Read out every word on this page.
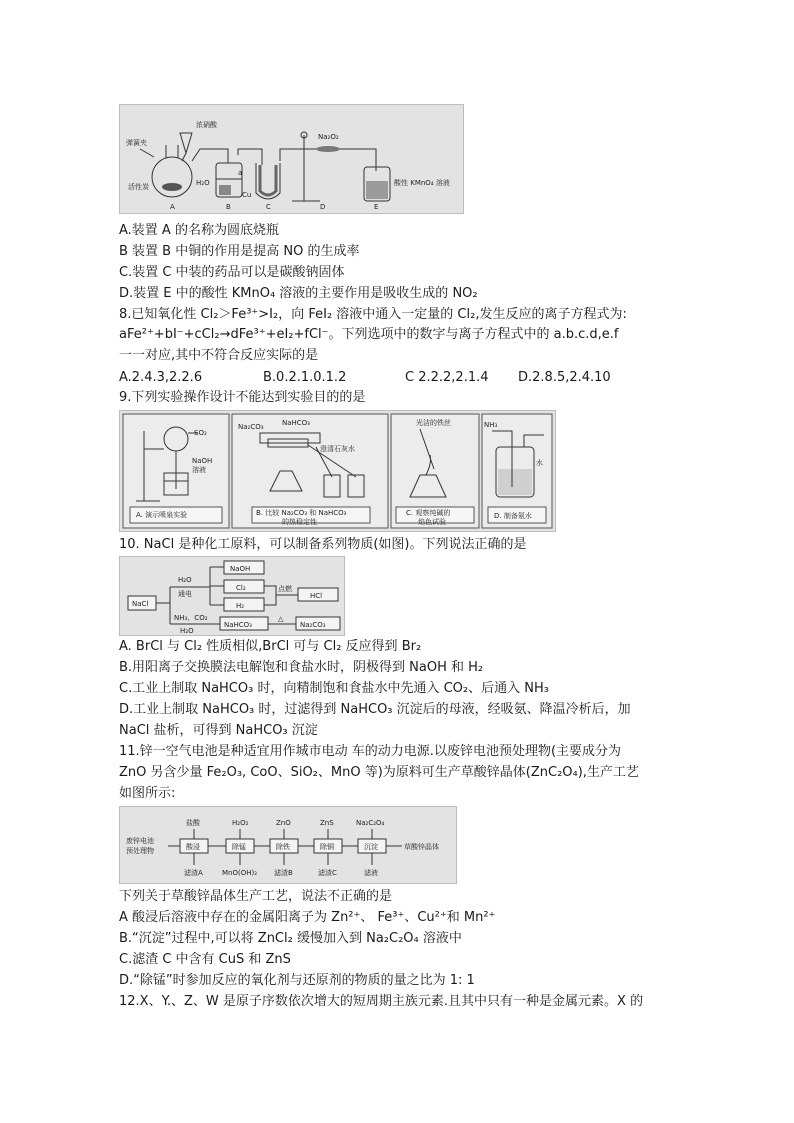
弹簧夹
浓硝酸
活性炭	H₂O
a
Cu
Na₂O₂
酸性 KMnO₄ 溶液
A	B	C	D	E
A.装置 A 的名称为圆底烧瓶
B 装置 B 中铜的作用是提高 NO 的生成率
C.装置 C 中装的药品可以是碳酸钠固体
D.装置 E 中的酸性 KMnO₄ 溶液的主要作用是吸收生成的 NO₂
8.已知氧化性 Cl₂＞Fe³⁺>I₂，向 FeI₂ 溶液中通入一定量的 Cl₂,发生反应的离子方程式为:
aFe²⁺+bI⁻+cCl₂→dFe³⁺+eI₂+fCl⁻。下列选项中的数字与离子方程式中的 a.b.c.d,e.f
一一对应,其中不符合反应实际的是
A.2.4.3,2.2.6	B.0.2.1.0.1.2	C 2.2.2,2.1.4 D.2.8.5,2.4.10
9.下列实验操作设计不能达到实验目的的是
SO₂
NaOH
溶液
A. 演示喷泉实验
Na₂CO₃	NaHCO₃
澄清石灰水
B. 比较 Na₂CO₃ 和 NaHCO₃
的热稳定性
光洁的铁丝
C. 观察纯碱的
焰色试验
NH₃
水
D. 制备氨水
10. NaCl 是种化工原料，可以制备系列物质(如图)。下列说法正确的是
NaCl
H₂O
通电
NaOH
Cl₂
H₂
点燃
HCl
NH₃、CO₂
H₂O
NaHCO₃
△
Na₂CO₃
A. BrCl 与 Cl₂ 性质相似,BrCl 可与 Cl₂ 反应得到 Br₂
B.用阳离子交换膜法电解饱和食盐水时，阴极得到 NaOH 和 H₂
C.工业上制取 NaHCO₃ 时，向精制饱和食盐水中先通入 CO₂、后通入 NH₃
D.工业上制取 NaHCO₃ 时，过滤得到 NaHCO₃ 沉淀后的母液，经吸氨、降温冷析后，加
NaCl 盐析，可得到 NaHCO₃ 沉淀
11.锌一空气电池是种适宜用作城市电动 车的动力电源.以废锌电池预处理物(主要成分为
ZnO 另含少量 Fe₂O₃, CoO、SiO₂、MnO 等)为原料可生产草酸锌晶体(ZnC₂O₄),生产工艺
如图所示:
废锌电池
预处理物
盐酸	H₂O₂	ZnO	ZnS	Na₂C₂O₄
酸浸	除锰	除铁	除铜	沉淀
滤渣A	MnO(OH)₂ 滤渣B	滤渣C	滤液
草酸锌晶体
下列关于草酸锌晶体生产工艺，说法不正确的是
A 酸浸后溶液中存在的金属阳离子为 Zn²⁺、 Fe³⁺、Cu²⁺和 Mn²⁺
B.“沉淀”过程中,可以将 ZnCl₂ 缓慢加入到 Na₂C₂O₄ 溶液中
C.滤渣 C 中含有 CuS 和 ZnS
D.“除锰”时参加反应的氧化剂与还原剂的物质的量之比为 1: 1
12.X、Y.、Z、W 是原子序数依次增大的短周期主族元素.且其中只有一种是金属元素。X 的
